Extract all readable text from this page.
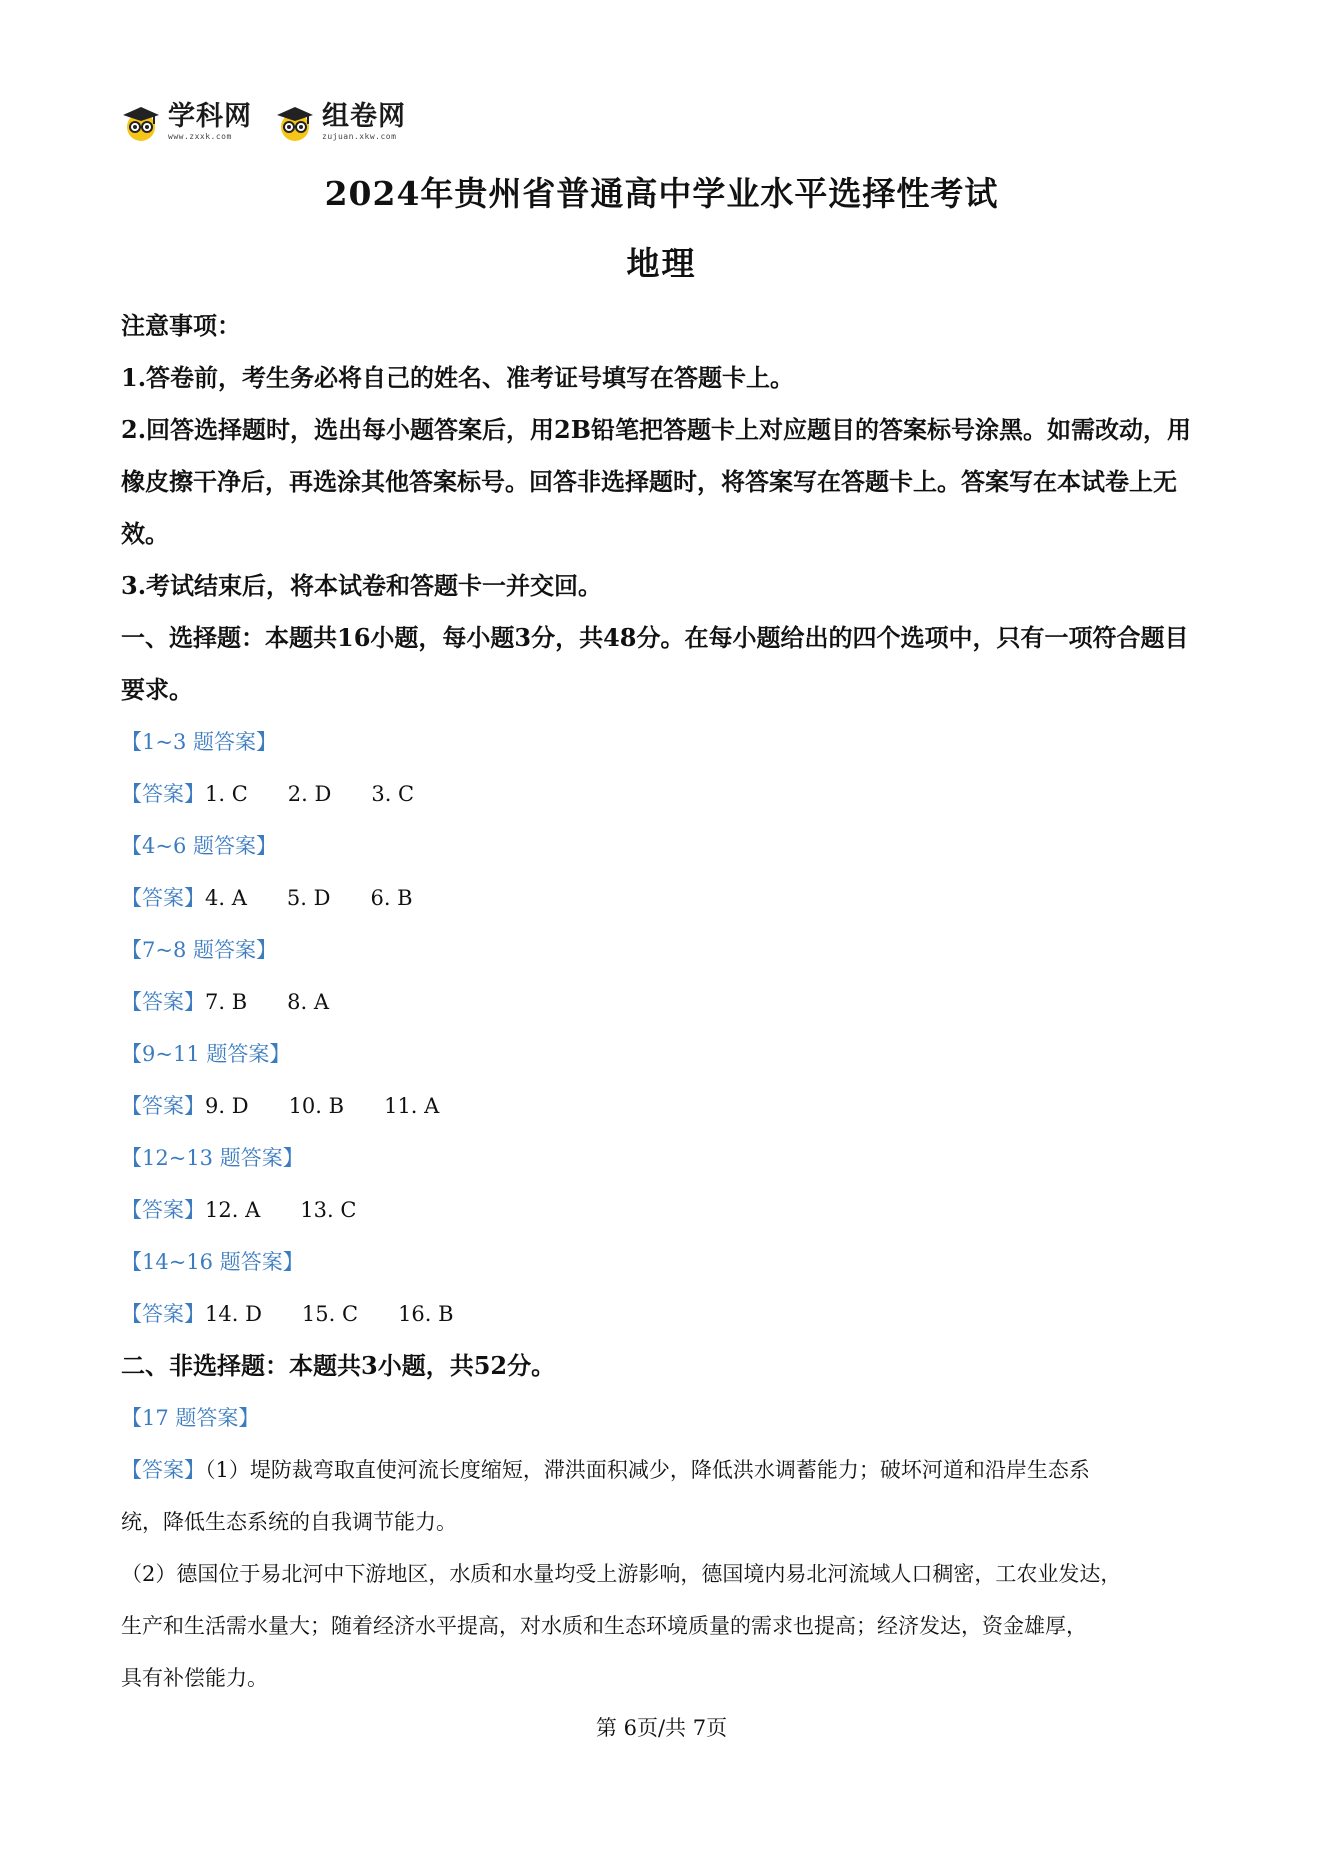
学科网
www.zxxk.com
组卷网
zujuan.xkw.com
2024年贵州省普通高中学业水平选择性考试
地理
注意事项：
1.答卷前，考生务必将自己的姓名、准考证号填写在答题卡上。
2.回答选择题时，选出每小题答案后，用2B铅笔把答题卡上对应题目的答案标号涂黑。如需改动，用橡皮擦干净后，再选涂其他答案标号。回答非选择题时，将答案写在答题卡上。答案写在本试卷上无效。
3.考试结束后，将本试卷和答题卡一并交回。
一、选择题：本题共16小题，每小题3分，共48分。在每小题给出的四个选项中，只有一项符合题目要求。
【1~3 题答案】
【答案】1. C 2. D 3. C
【4~6 题答案】
【答案】4. A 5. D 6. B
【7~8 题答案】
【答案】7. B 8. A
【9~11 题答案】
【答案】9. D 10. B 11. A
【12~13 题答案】
【答案】12. A 13. C
【14~16 题答案】
【答案】14. D 15. C 16. B
二、非选择题：本题共3小题，共52分。
【17 题答案】
【答案】（1）堤防裁弯取直使河流长度缩短，滞洪面积减少，降低洪水调蓄能力；破坏河道和沿岸生态系
统，降低生态系统的自我调节能力。
（2）德国位于易北河中下游地区，水质和水量均受上游影响，德国境内易北河流域人口稠密，工农业发达，
生产和生活需水量大；随着经济水平提高，对水质和生态环境质量的需求也提高；经济发达，资金雄厚，
具有补偿能力。
第 6页/共 7页
